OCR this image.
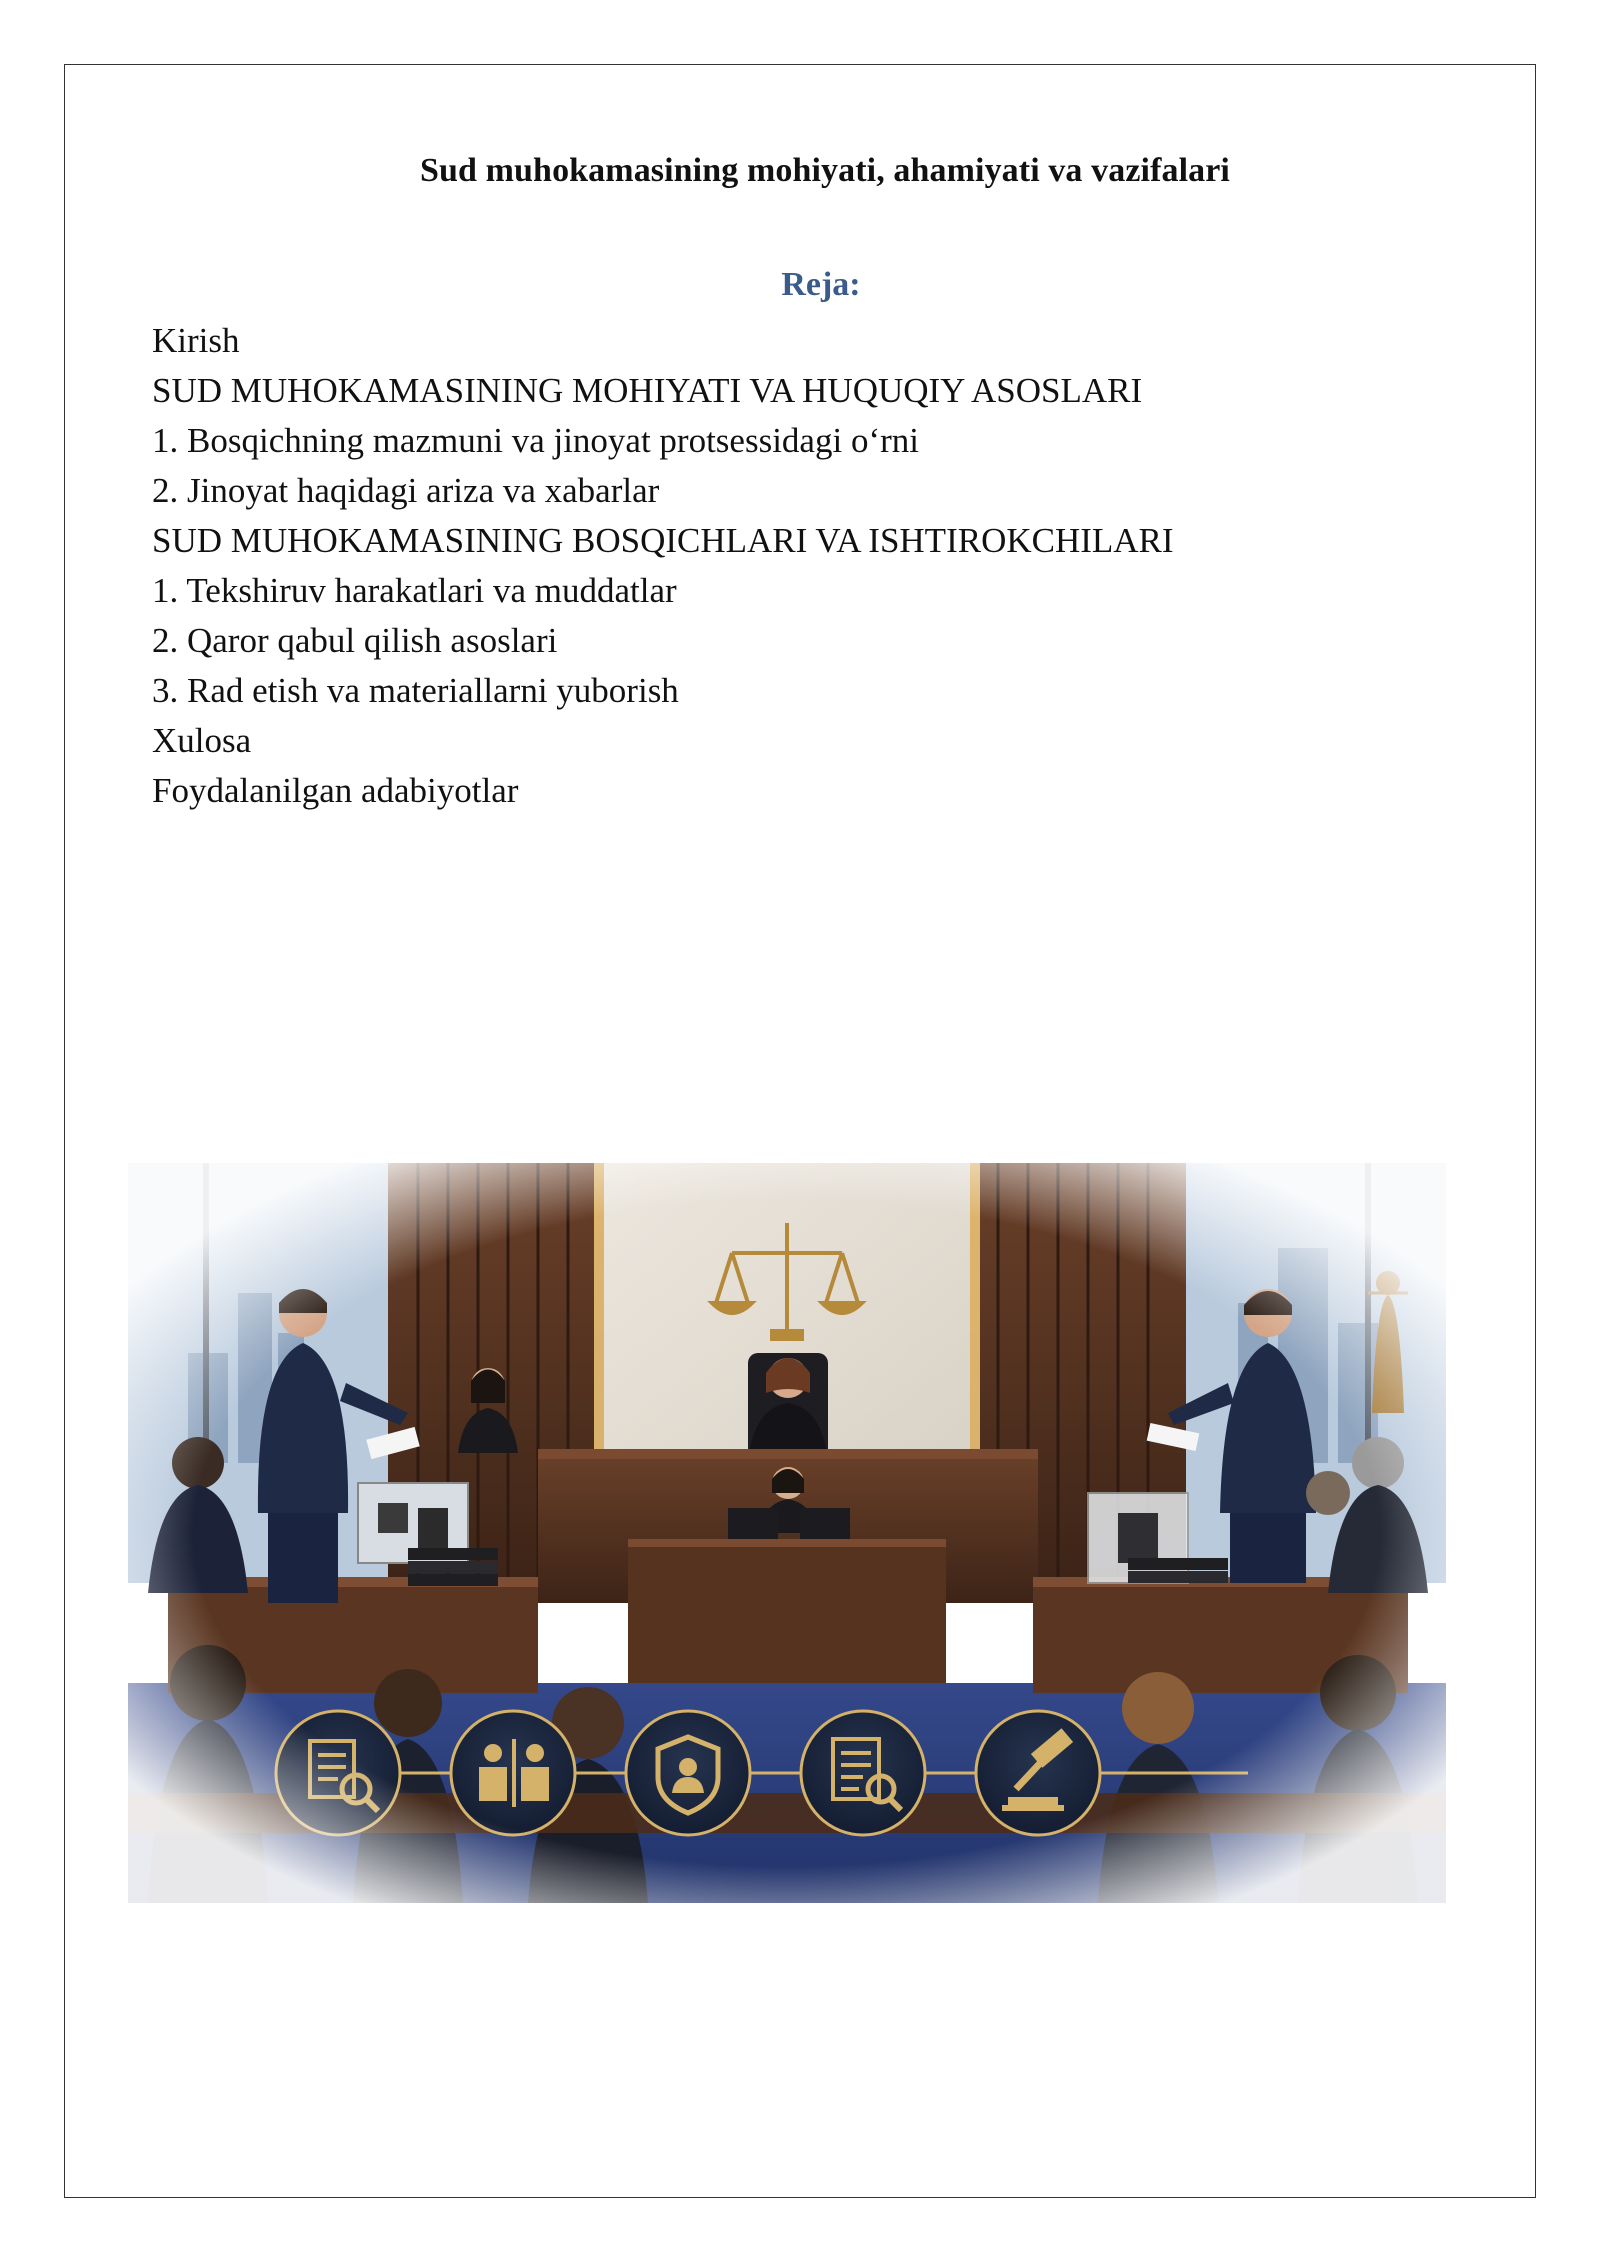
Sud muhokamasining mohiyati, ahamiyati va vazifalari
Reja:
Kirish
SUD MUHOKAMASINING MOHIYATI VA HUQUQIY ASOSLARI
1. Bosqichning mazmuni va jinoyat protsessidagi o‘rni
2. Jinoyat haqidagi ariza va xabarlar
SUD MUHOKAMASINING BOSQICHLARI VA ISHTIROKCHILARI
1. Tekshiruv harakatlari va muddatlar
2. Qaror qabul qilish asoslari
3. Rad etish va materiallarni yuborish
Xulosa
Foydalanilgan adabiyotlar
